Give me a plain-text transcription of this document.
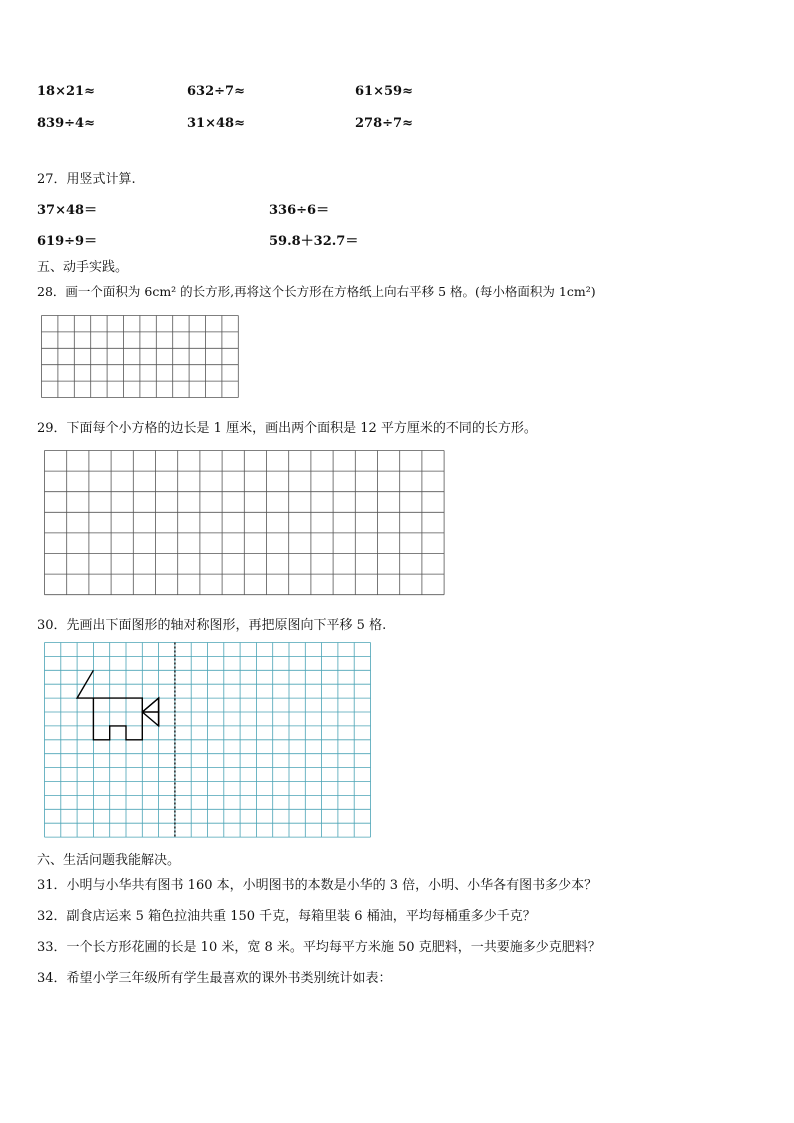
18×21≈	632÷7≈	61×59≈
839÷4≈	31×48≈	278÷7≈
27．用竖式计算.
37×48＝	336÷6＝
619÷9＝	59.8＋32.7＝
五、动手实践。
28．画一个面积为 6cm² 的长方形,再将这个长方形在方格纸上向右平移 5 格。(每小格面积为 1cm²)
29．下面每个小方格的边长是 1 厘米，画出两个面积是 12 平方厘米的不同的长方形。
30．先画出下面图形的轴对称图形，再把原图向下平移 5 格.
六、生活问题我能解决。
31．小明与小华共有图书 160 本，小明图书的本数是小华的 3 倍，小明、小华各有图书多少本？
32．副食店运来 5 箱色拉油共重 150 千克，每箱里装 6 桶油，平均每桶重多少千克？
33．一个长方形花圃的长是 10 米，宽 8 米。平均每平方米施 50 克肥料，一共要施多少克肥料？
34．希望小学三年级所有学生最喜欢的课外书类别统计如表：
